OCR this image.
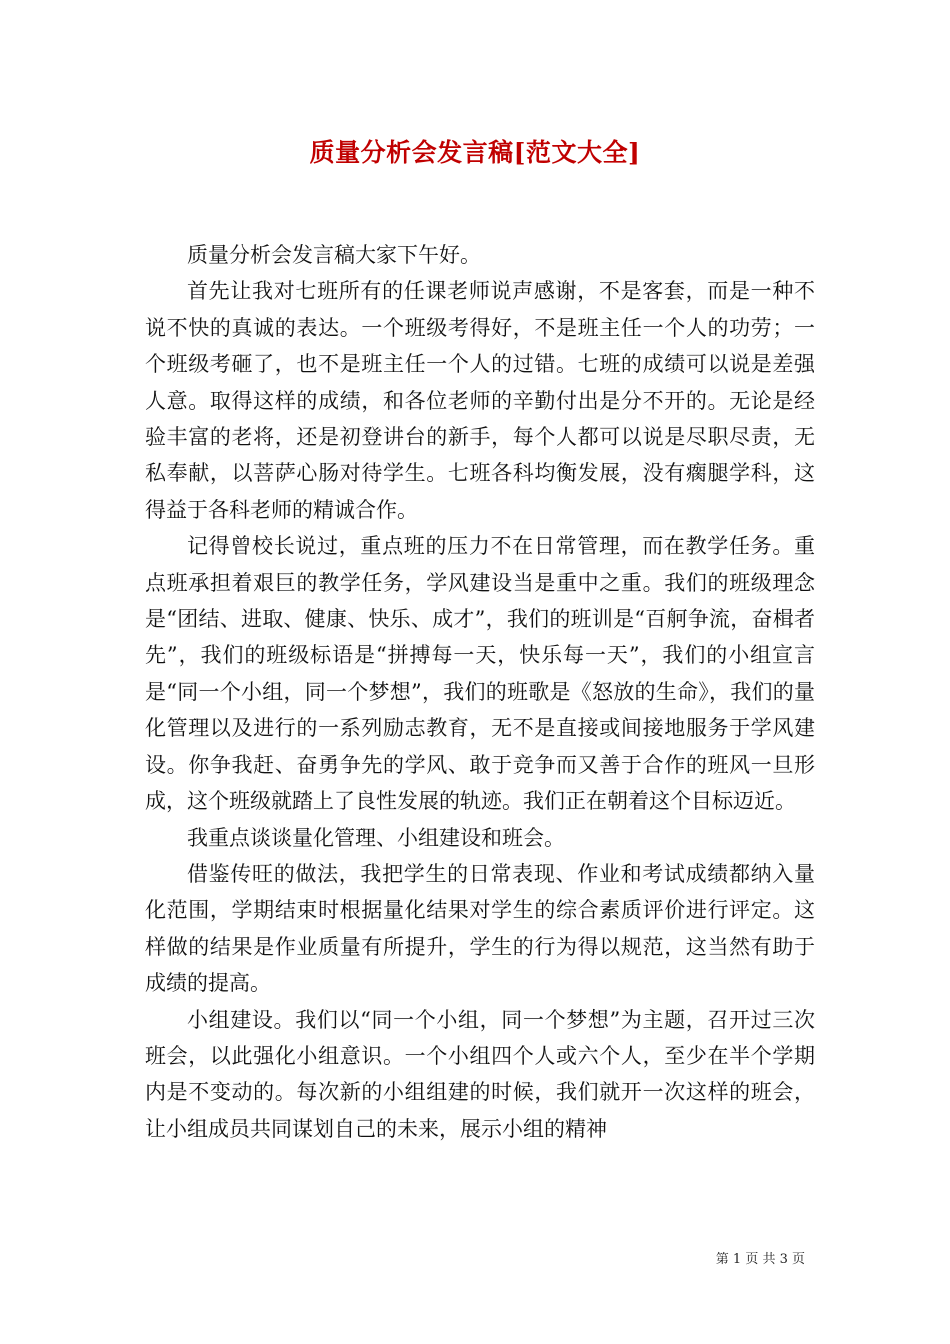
质量分析会发言稿[范文大全]

质量分析会发言稿大家下午好。

首先让我对七班所有的任课老师说声感谢，不是客套，而是一种不说不快的真诚的表达。一个班级考得好，不是班主任一个人的功劳；一个班级考砸了，也不是班主任一个人的过错。七班的成绩可以说是差强人意。取得这样的成绩，和各位老师的辛勤付出是分不开的。无论是经验丰富的老将，还是初登讲台的新手，每个人都可以说是尽职尽责，无私奉献，以菩萨心肠对待学生。七班各科均衡发展，没有瘸腿学科，这得益于各科老师的精诚合作。

记得曾校长说过，重点班的压力不在日常管理，而在教学任务。重点班承担着艰巨的教学任务，学风建设当是重中之重。我们的班级理念是“团结、进取、健康、快乐、成才”，我们的班训是“百舸争流，奋楫者先”，我们的班级标语是“拼搏每一天，快乐每一天”，我们的小组宣言是“同一个小组，同一个梦想”，我们的班歌是《怒放的生命》，我们的量化管理以及进行的一系列励志教育，无不是直接或间接地服务于学风建设。你争我赶、奋勇争先的学风、敢于竞争而又善于合作的班风一旦形成，这个班级就踏上了良性发展的轨迹。我们正在朝着这个目标迈近。

我重点谈谈量化管理、小组建设和班会。

借鉴传旺的做法，我把学生的日常表现、作业和考试成绩都纳入量化范围，学期结束时根据量化结果对学生的综合素质评价进行评定。这样做的结果是作业质量有所提升，学生的行为得以规范，这当然有助于成绩的提高。

小组建设。我们以“同一个小组，同一个梦想”为主题，召开过三次班会，以此强化小组意识。一个小组四个人或六个人，至少在半个学期内是不变动的。每次新的小组组建的时候，我们就开一次这样的班会，让小组成员共同谋划自己的未来，展示小组的精神

第 1 页 共 3 页
